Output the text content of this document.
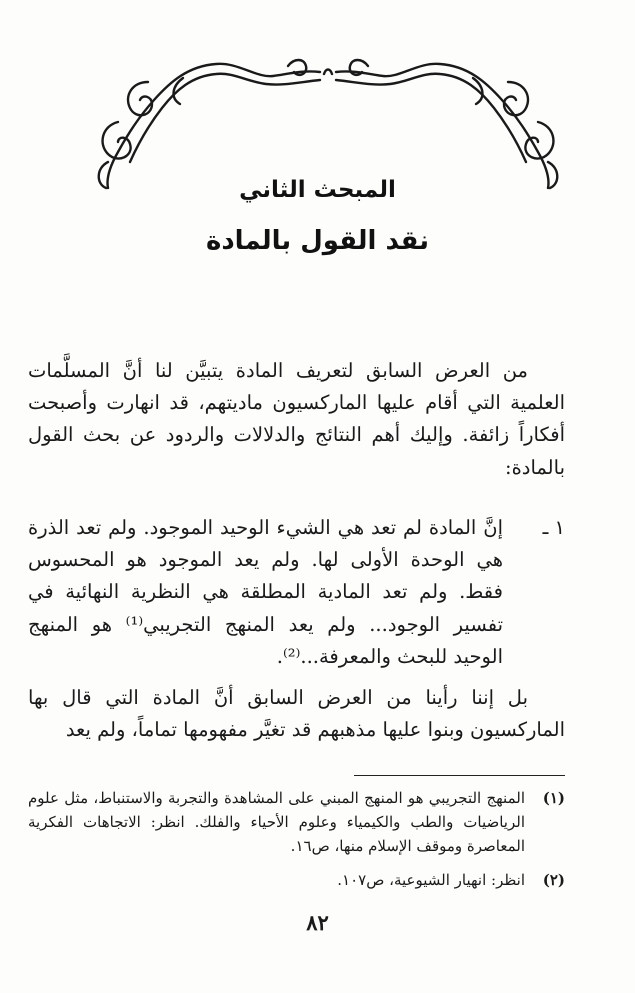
المبحث الثاني
نقد القول بالمادة

من العرض السابق لتعريف المادة يتبيَّن لنا أنَّ المسلَّمات العلمية التي أقام عليها الماركسيون ماديتهم، قد انهارت وأصبحت أفكاراً زائفة. وإليك أهم النتائج والدلالات والردود عن بحث القول بالمادة:

١ ـ

إنَّ المادة لم تعد هي الشيء الوحيد الموجود. ولم تعد الذرة هي الوحدة الأولى لها. ولم يعد الموجود هو المحسوس فقط. ولم تعد المادية المطلقة هي النظرية النهائية في تفسير الوجود... ولم يعد المنهج التجريبي⁽¹⁾ هو المنهج الوحيد للبحث والمعرفة...⁽²⁾.

بل إننا رأينا من العرض السابق أنَّ المادة التي قال بها الماركسيون وبنوا عليها مذهبهم قد تغيَّر مفهومها تماماً، ولم يعد

(١)

المنهج التجريبي هو المنهج المبني على المشاهدة والتجربة والاستنباط، مثل علوم الرياضيات والطب والكيمياء وعلوم الأحياء والفلك. انظر: الاتجاهات الفكرية المعاصرة وموقف الإسلام منها، ص١٦.

(٢)

انظر: انهيار الشيوعية، ص١٠٧.

٨٢
